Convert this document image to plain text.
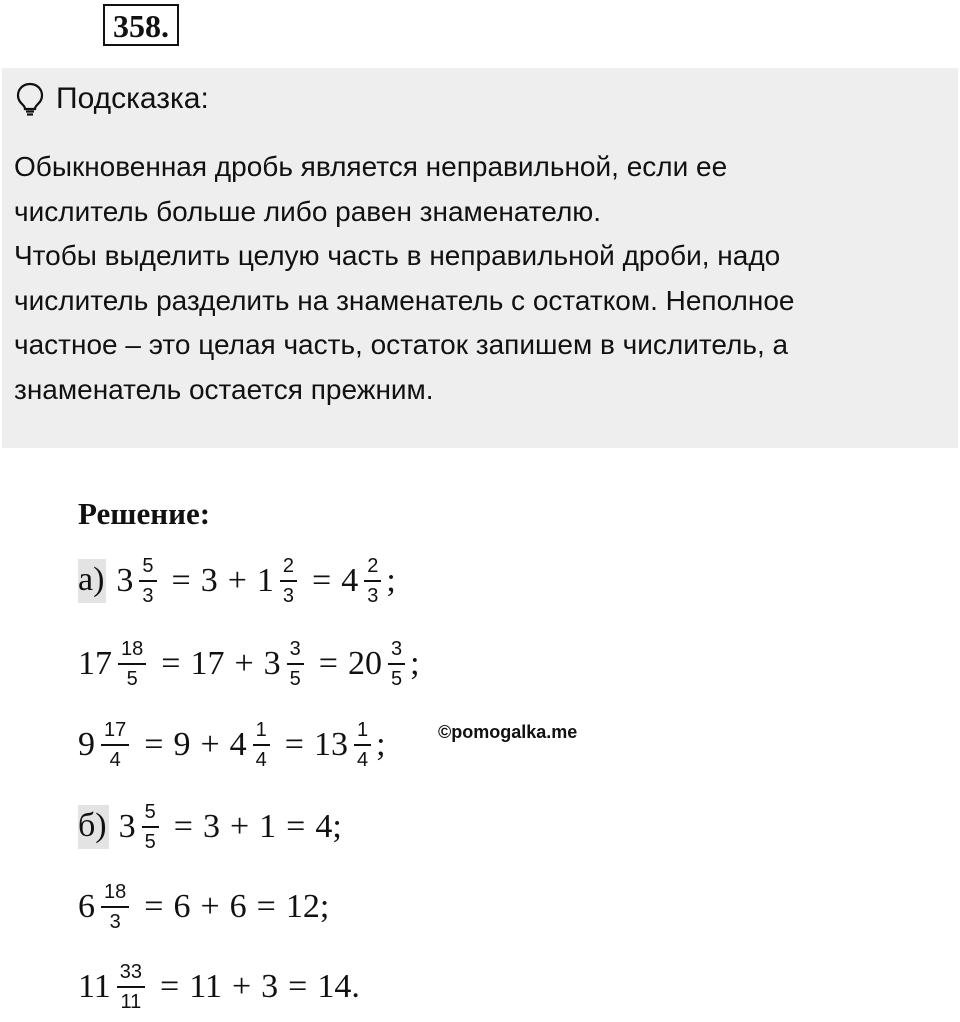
358.
Подсказка:

Обыкновенная дробь является неправильной, если ее
числитель больше либо равен знаменателю.
Чтобы выделить целую часть в неправильной дроби, надо
числитель разделить на знаменатель с остатком. Неполное
частное – это целая часть, остаток запишем в числитель, а
знаменатель остается прежним.

Решение:
а) $3 \frac{5}{3} = 3 + 1 \frac{2}{3} = 4 \frac{2}{3}$ ;
$17 \frac{18}{5} = 17 + 3 \frac{3}{5} = 20 \frac{3}{5}$ ;
$9 \frac{17}{4} = 9 + 4 \frac{1}{4} = 13 \frac{1}{4}$ ;	©pomogalka.me
б) $3 \frac{5}{5} = 3 + 1 = 4$ ;
$6 \frac{18}{3} = 6 + 6 = 12$ ;
$11 \frac{33}{11} = 11 + 3 = 14$ .
